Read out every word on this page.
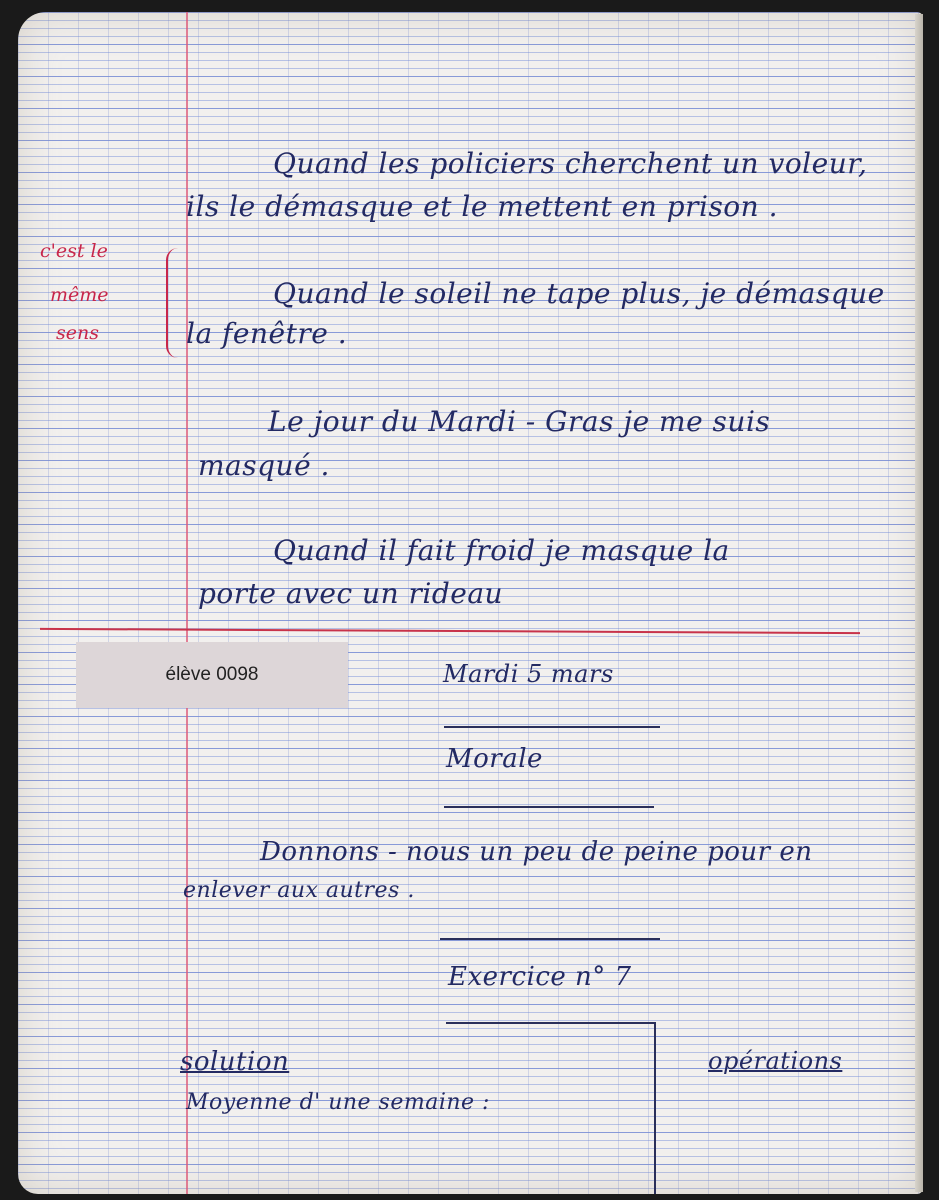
Quand les policiers cherchent un voleur,
ils le démasque et le mettent en prison .
Quand le soleil ne tape plus, je démasque
la fenêtre .
Le jour du Mardi - Gras je me suis
masqué .
Quand il fait froid je masque la
porte avec un rideau
c'est le
même
sens
élève 0098	Mardi 5 mars
Morale
Donnons - nous un peu de peine pour en
enlever aux autres .
Exercice n° 7
solution	opérations
Moyenne d' une semaine :
